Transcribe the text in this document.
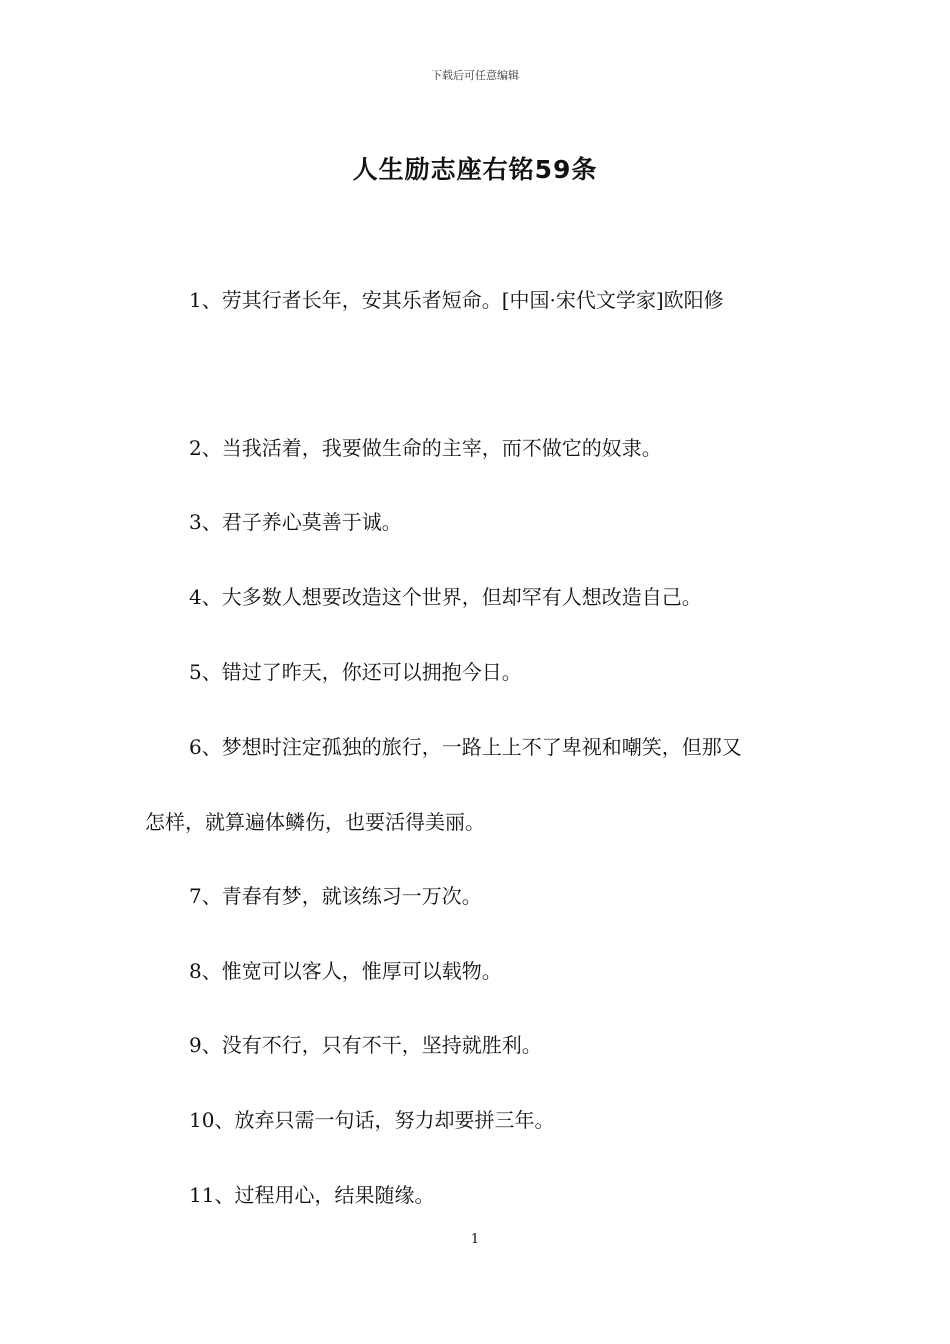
下载后可任意编辑
人生励志座右铭59条
1、劳其行者长年，安其乐者短命。[中国·宋代文学家]欧阳修
2、当我活着，我要做生命的主宰，而不做它的奴隶。
3、君子养心莫善于诚。
4、大多数人想要改造这个世界，但却罕有人想改造自己。
5、错过了昨天，你还可以拥抱今日。
6、梦想时注定孤独的旅行，一路上上不了卑视和嘲笑，但那又
怎样，就算遍体鳞伤，也要活得美丽。
7、青春有梦，就该练习一万次。
8、惟宽可以客人，惟厚可以载物。
9、没有不行，只有不干，坚持就胜利。
10、放弃只需一句话，努力却要拼三年。
11、过程用心，结果随缘。
1
